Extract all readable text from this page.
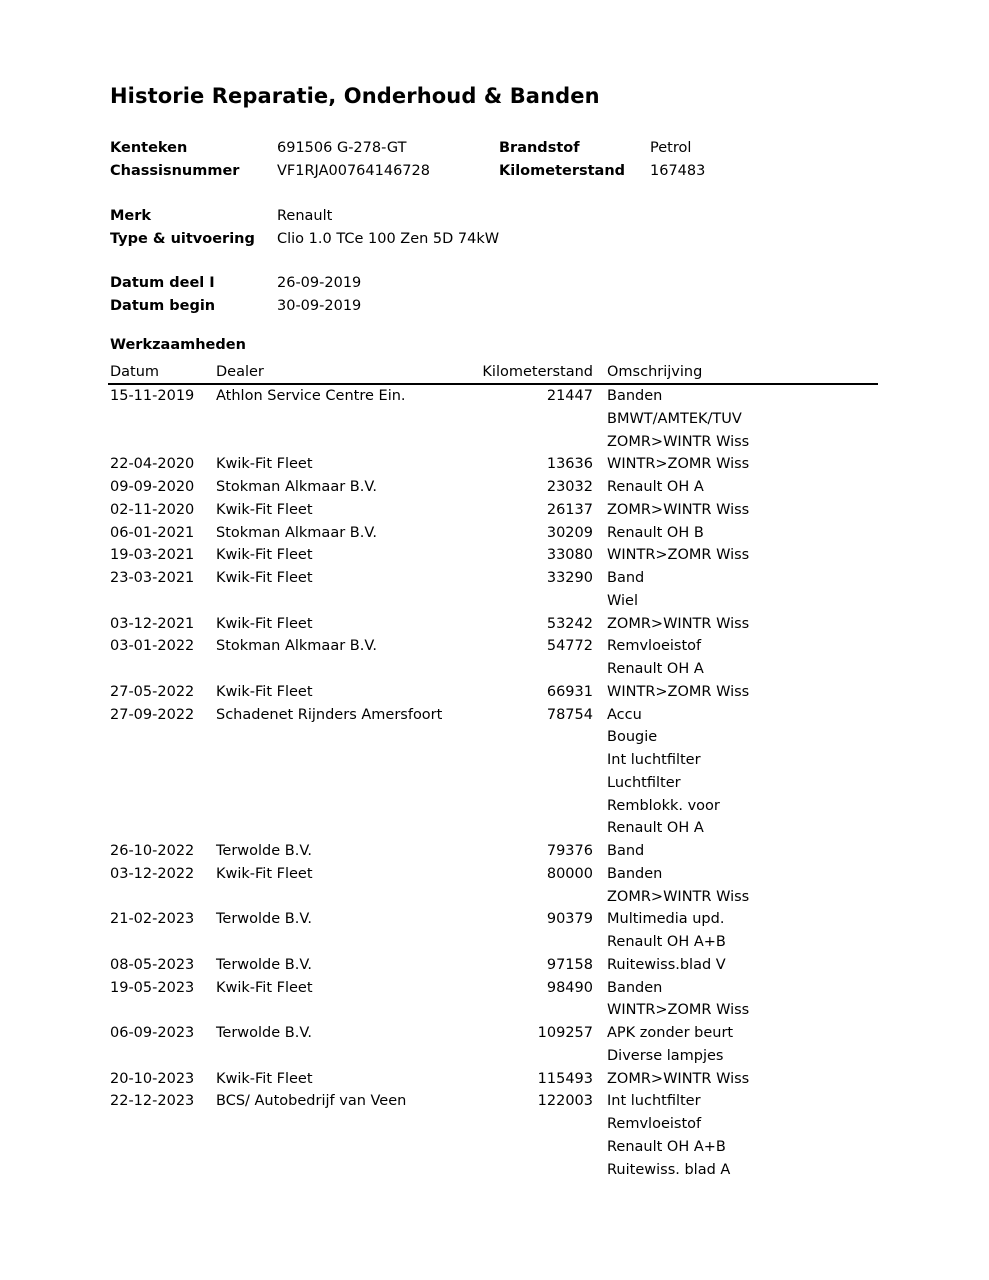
Historie Reparatie, Onderhoud & Banden
Kenteken	691506 G-278-GT	Brandstof	Petrol
Chassisnummer	VF1RJA00764146728	Kilometerstand 167483
Merk	Renault
Type & uitvoering Clio 1.0 TCe 100 Zen 5D 74kW
Datum deel I	26-09-2019
Datum begin	30-09-2019
Werkzaamheden
Datum	Dealer	Kilometerstand Omschrijving
15-11-2019 Athlon Service Centre Ein.	21447 Banden
BMWT/AMTEK/TUV
ZOMR>WINTR Wiss
22-04-2020 Kwik-Fit Fleet	13636 WINTR>ZOMR Wiss
09-09-2020 Stokman Alkmaar B.V.	23032 Renault OH A
02-11-2020 Kwik-Fit Fleet	26137 ZOMR>WINTR Wiss
06-01-2021 Stokman Alkmaar B.V.	30209 Renault OH B
19-03-2021 Kwik-Fit Fleet	33080 WINTR>ZOMR Wiss
23-03-2021 Kwik-Fit Fleet	33290 Band
Wiel
03-12-2021 Kwik-Fit Fleet	53242 ZOMR>WINTR Wiss
03-01-2022 Stokman Alkmaar B.V.	54772 Remvloeistof
Renault OH A
27-05-2022 Kwik-Fit Fleet	66931 WINTR>ZOMR Wiss
27-09-2022 Schadenet Rijnders Amersfoort	78754 Accu
Bougie
Int luchtfilter
Luchtfilter
Remblokk. voor
Renault OH A
26-10-2022 Terwolde B.V.	79376 Band
03-12-2022 Kwik-Fit Fleet	80000 Banden
ZOMR>WINTR Wiss
21-02-2023 Terwolde B.V.	90379 Multimedia upd.
Renault OH A+B
08-05-2023 Terwolde B.V.	97158 Ruitewiss.blad V
19-05-2023 Kwik-Fit Fleet	98490 Banden
WINTR>ZOMR Wiss
06-09-2023 Terwolde B.V.	109257 APK zonder beurt
Diverse lampjes
20-10-2023 Kwik-Fit Fleet	115493 ZOMR>WINTR Wiss
22-12-2023 BCS/ Autobedrijf van Veen	122003 Int luchtfilter
Remvloeistof
Renault OH A+B
Ruitewiss. blad A
